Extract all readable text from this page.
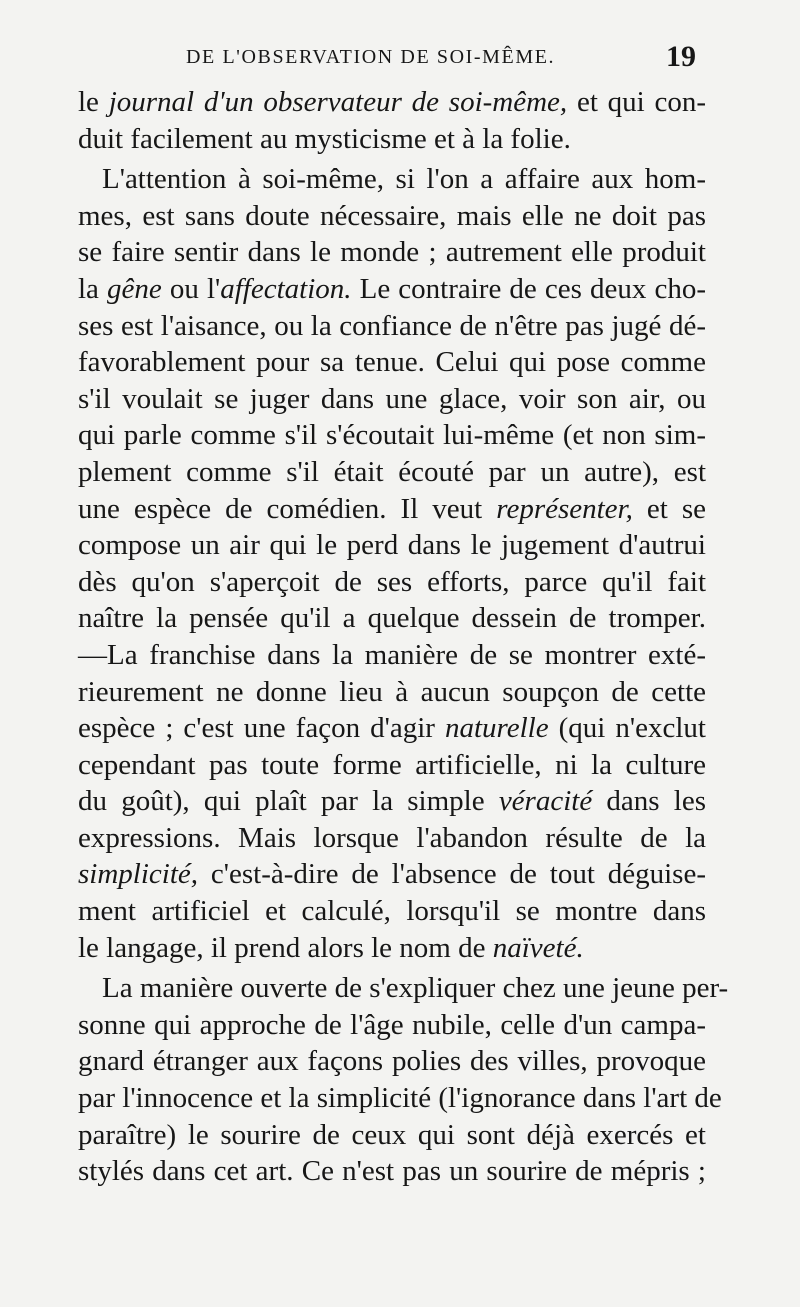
DE L'OBSERVATION DE SOI-MÊME.	19
le journal d'un observateur de soi-même, et qui con-
duit facilement au mysticisme et à la folie.
L'attention à soi-même, si l'on a affaire aux hom-
mes, est sans doute nécessaire, mais elle ne doit pas
se faire sentir dans le monde ; autrement elle produit
la gêne ou l'affectation. Le contraire de ces deux cho-
ses est l'aisance, ou la confiance de n'être pas jugé dé-
favorablement pour sa tenue. Celui qui pose comme
s'il voulait se juger dans une glace, voir son air, ou
qui parle comme s'il s'écoutait lui-même (et non sim-
plement comme s'il était écouté par un autre), est
une espèce de comédien. Il veut représenter, et se
compose un air qui le perd dans le jugement d'autrui
dès qu'on s'aperçoit de ses efforts, parce qu'il fait
naître la pensée qu'il a quelque dessein de tromper.
—La franchise dans la manière de se montrer exté-
rieurement ne donne lieu à aucun soupçon de cette
espèce ; c'est une façon d'agir naturelle (qui n'exclut
cependant pas toute forme artificielle, ni la culture
du goût), qui plaît par la simple véracité dans les
expressions. Mais lorsque l'abandon résulte de la
simplicité, c'est-à-dire de l'absence de tout déguise-
ment artificiel et calculé, lorsqu'il se montre dans
le langage, il prend alors le nom de naïveté.
La manière ouverte de s'expliquer chez une jeune per-
sonne qui approche de l'âge nubile, celle d'un campa-
gnard étranger aux façons polies des villes, provoque
par l'innocence et la simplicité (l'ignorance dans l'art de
paraître) le sourire de ceux qui sont déjà exercés et
stylés dans cet art. Ce n'est pas un sourire de mépris ;
